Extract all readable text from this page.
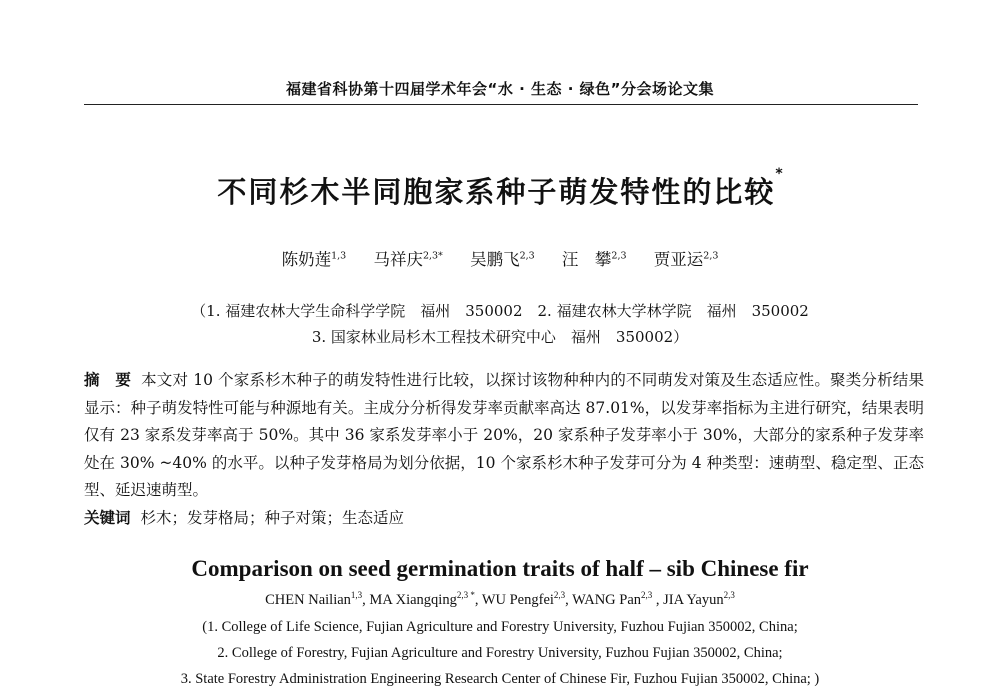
福建省科协第十四届学术年会“水 · 生态 · 绿色”分会场论文集
不同杉木半同胞家系种子萌发特性的比较*
陈奶莲$^{1,3}$ 马祥庆$^{2,3*}$ 吴鹏飞$^{2,3}$ 汪　攀$^{2,3}$ 贾亚运$^{2,3}$
（1. 福建农林大学生命科学学院　福州　350002　2. 福建农林大学林学院　福州　350002
3. 国家林业局杉木工程技术研究中心　福州　350002）
摘　要 本文对 10 个家系杉木种子的萌发特性进行比较，以探讨该物种种内的不同萌发对策及生态适应性。聚类分析结果显示：种子萌发特性可能与种源地有关。主成分分析得发芽率贡献率高达 87.01%，以发芽率指标为主进行研究，结果表明仅有 23 家系发芽率高于 50%。其中 36 家系发芽率小于 20%，20 家系种子发芽率小于 30%，大部分的家系种子发芽率处在 30% ~40% 的水平。以种子发芽格局为划分依据，10 个家系杉木种子发芽可分为 4 种类型：速萌型、稳定型、正态型、延迟速萌型。
关键词 杉木；发芽格局；种子对策；生态适应
Comparison on seed germination traits of half – sib Chinese fir
CHEN Nailian$^{1,3}$, MA Xiangqing$^{2,3 *}$, WU Pengfei$^{2,3}$, WANG Pan$^{2,3}$ , JIA Yayun$^{2,3}$
(1. College of Life Science, Fujian Agriculture and Forestry University, Fuzhou Fujian 350002, China;
2. College of Forestry, Fujian Agriculture and Forestry University, Fuzhou Fujian 350002, China;
3. State Forestry Administration Engineering Research Center of Chinese Fir, Fuzhou Fujian 350002, China; )
